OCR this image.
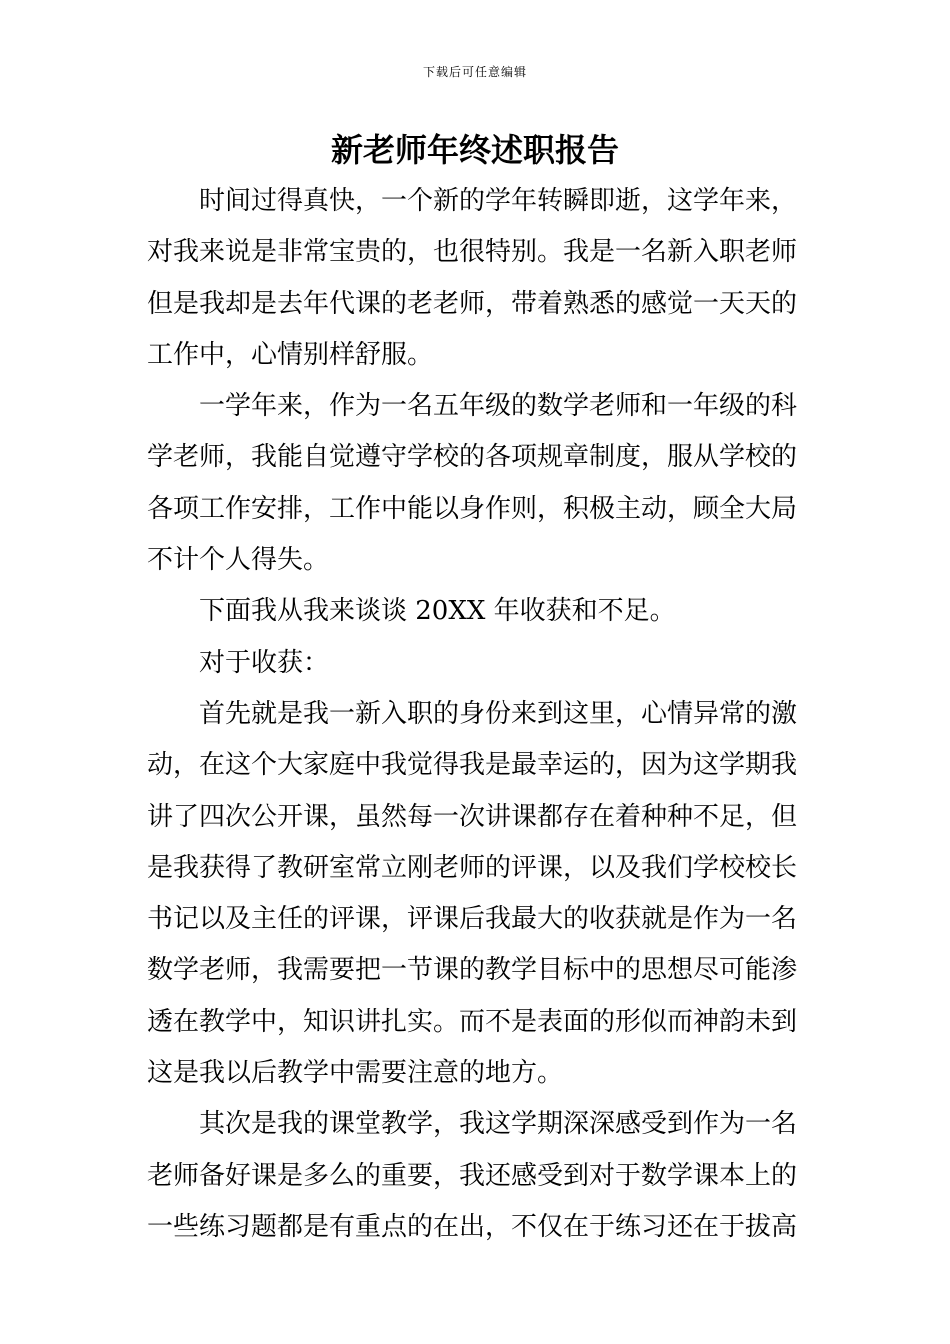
下载后可任意编辑
新老师年终述职报告

时间过得真快，一个新的学年转瞬即逝，这学年来，
对我来说是非常宝贵的，也很特别。我是一名新入职老师
但是我却是去年代课的老老师，带着熟悉的感觉一天天的
工作中，心情别样舒服。

一学年来，作为一名五年级的数学老师和一年级的科
学老师，我能自觉遵守学校的各项规章制度，服从学校的
各项工作安排，工作中能以身作则，积极主动，顾全大局
不计个人得失。

下面我从我来谈谈 20XX 年收获和不足。

对于收获：

首先就是我一新入职的身份来到这里，心情异常的激
动，在这个大家庭中我觉得我是最幸运的，因为这学期我
讲了四次公开课，虽然每一次讲课都存在着种种不足，但
是我获得了教研室常立刚老师的评课，以及我们学校校长
书记以及主任的评课，评课后我最大的收获就是作为一名
数学老师，我需要把一节课的教学目标中的思想尽可能渗
透在教学中，知识讲扎实。而不是表面的形似而神韵未到
这是我以后教学中需要注意的地方。

其次是我的课堂教学，我这学期深深感受到作为一名
老师备好课是多么的重要，我还感受到对于数学课本上的
一些练习题都是有重点的在出，不仅在于练习还在于拔高
